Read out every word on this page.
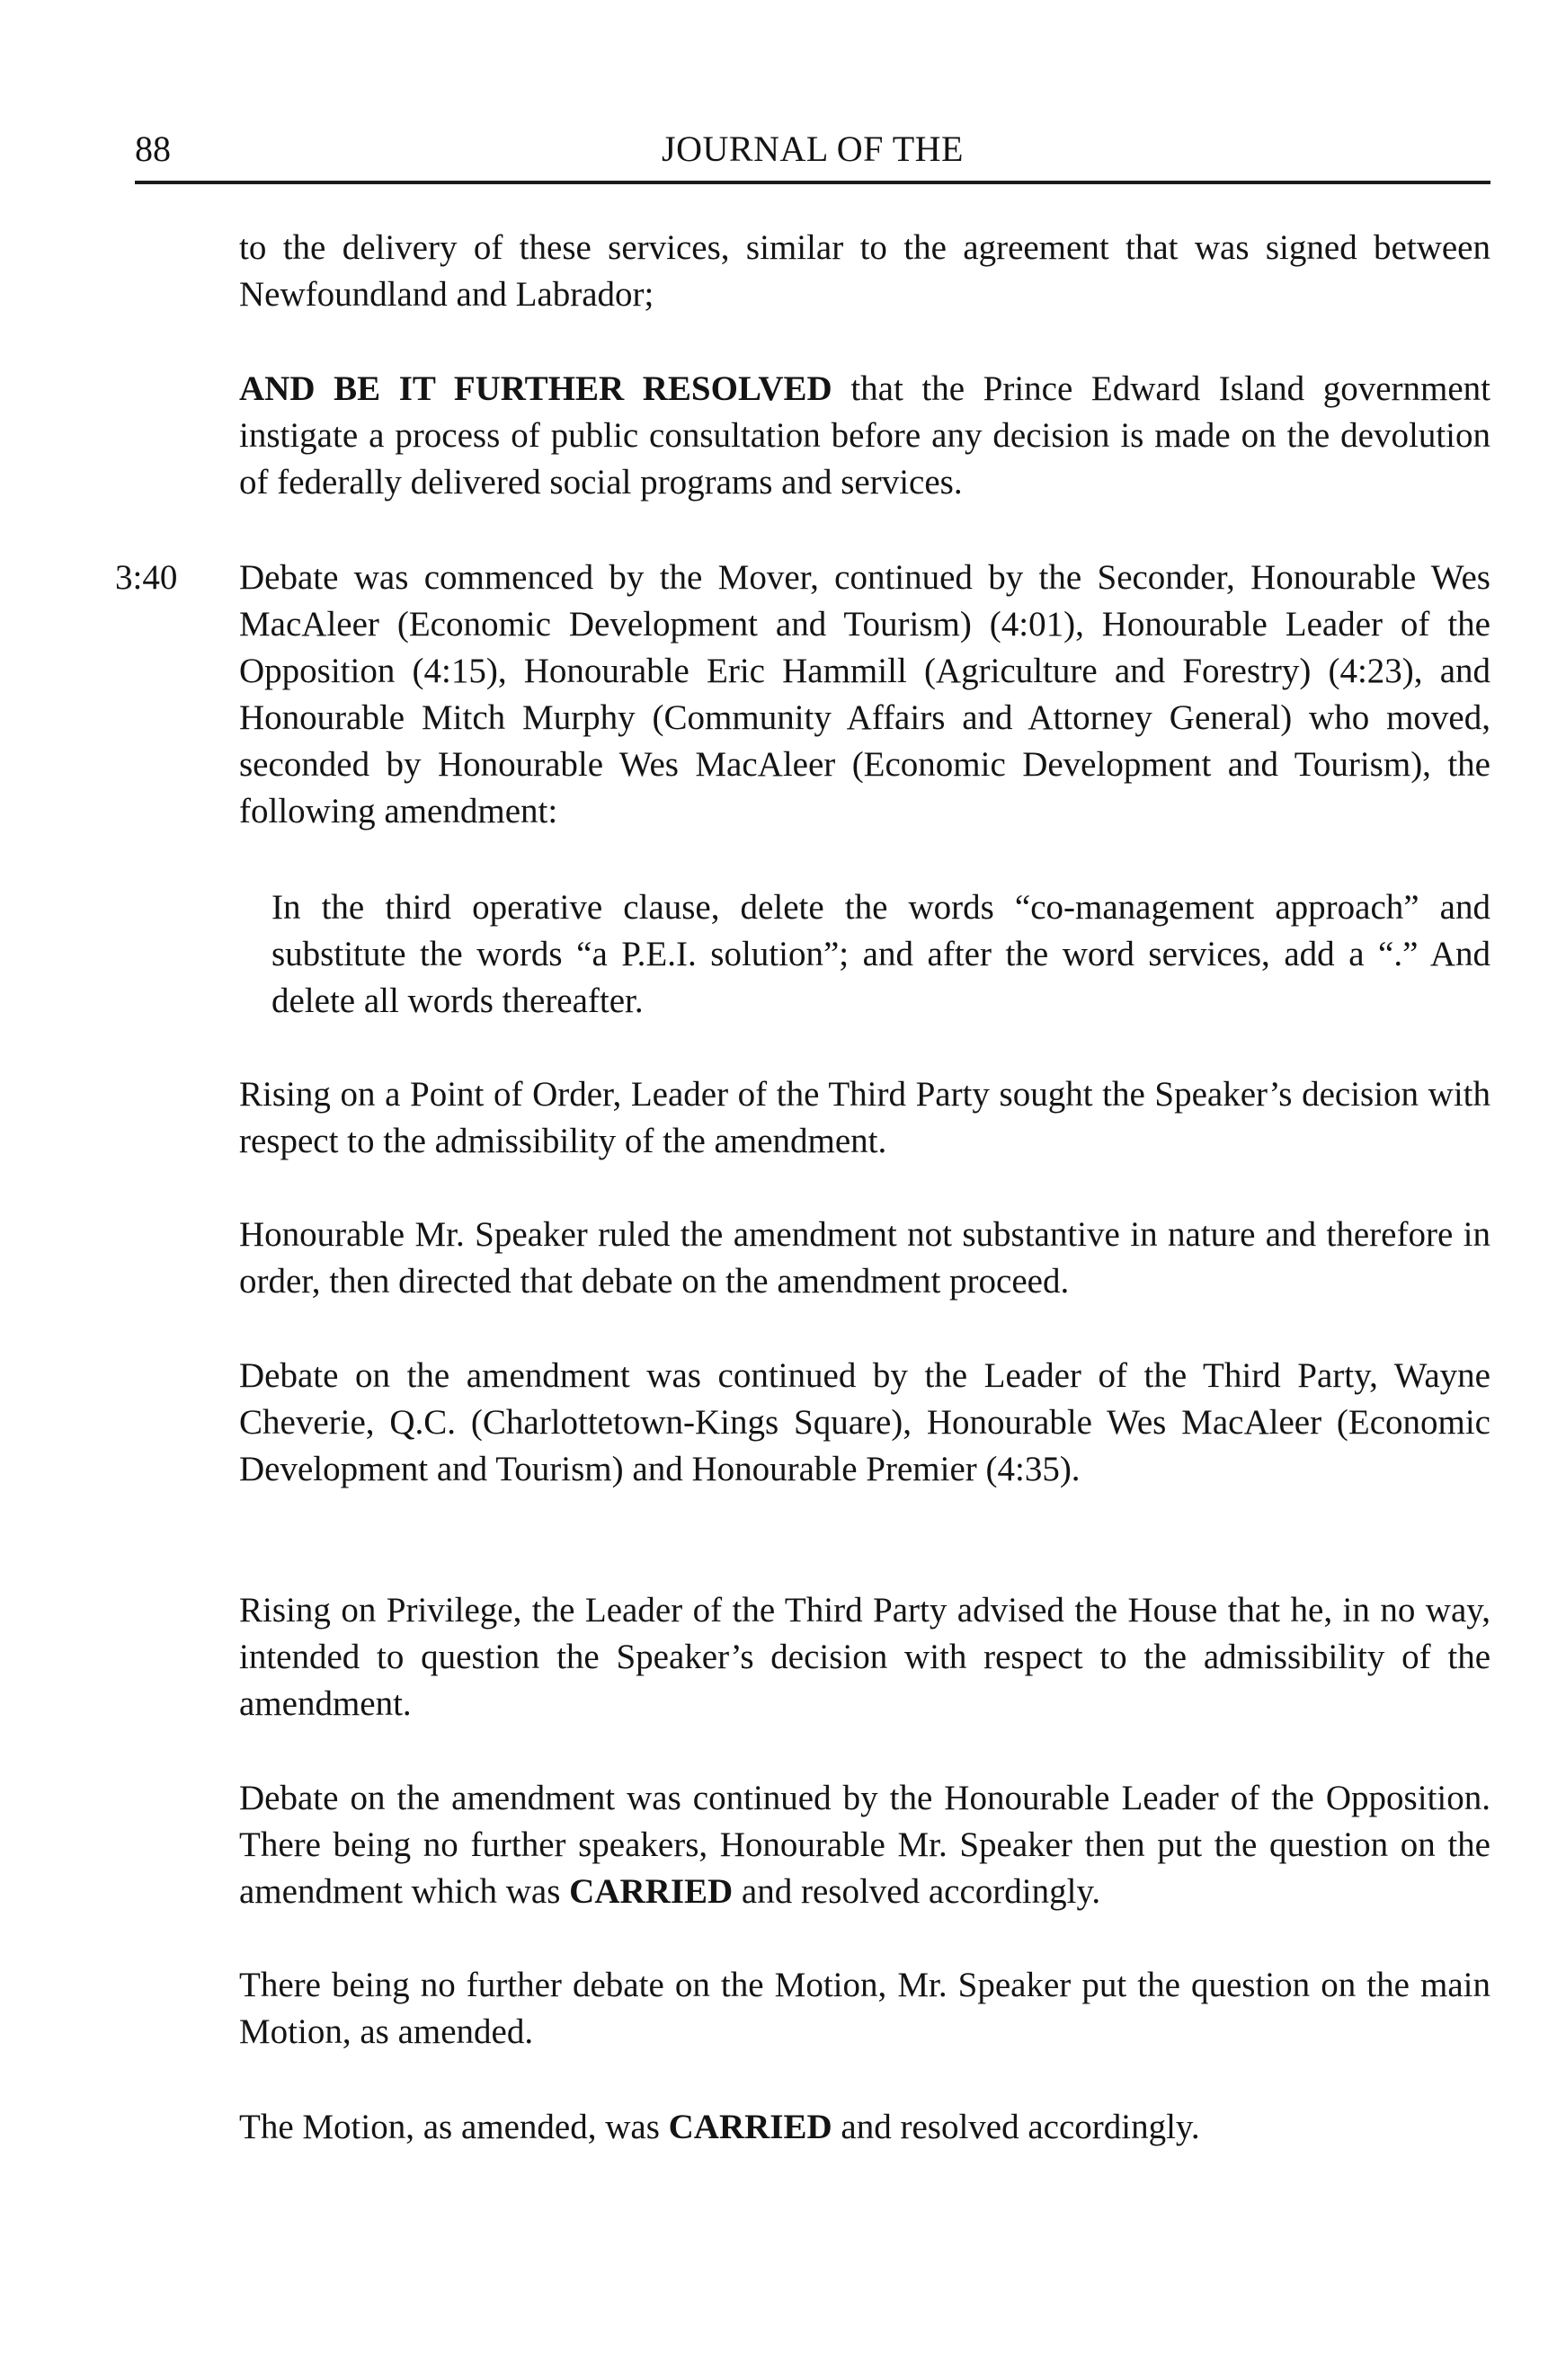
88	JOURNAL OF THE

to the delivery of these services, similar to the agreement that was signed between Newfoundland and Labrador;

AND BE IT FURTHER RESOLVED that the Prince Edward Island government instigate a process of public consultation before any decision is made on the devolution of federally delivered social programs and services.

3:40	Debate was commenced by the Mover, continued by the Seconder, Honourable Wes MacAleer (Economic Development and Tourism) (4:01), Honourable Leader of the Opposition (4:15), Honourable Eric Hammill (Agriculture and Forestry) (4:23), and Honourable Mitch Murphy (Community Affairs and Attorney General) who moved, seconded by Honourable Wes MacAleer (Economic Development and Tourism), the following amendment:

In the third operative clause, delete the words “co-management approach” and substitute the words “a P.E.I. solution”; and after the word services, add a “.” And delete all words thereafter.

Rising on a Point of Order, Leader of the Third Party sought the Speaker’s decision with respect to the admissibility of the amendment.

Honourable Mr. Speaker ruled the amendment not substantive in nature and therefore in order, then directed that debate on the amendment proceed.

Debate on the amendment was continued by the Leader of the Third Party, Wayne Cheverie, Q.C. (Charlottetown-Kings Square), Honourable Wes MacAleer (Economic Development and Tourism) and Honourable Premier (4:35).

Rising on Privilege, the Leader of the Third Party advised the House that he, in no way, intended to question the Speaker’s decision with respect to the admissibility of the amendment.

Debate on the amendment was continued by the Honourable Leader of the Opposition. There being no further speakers, Honourable Mr. Speaker then put the question on the amendment which was CARRIED and resolved accordingly.

There being no further debate on the Motion, Mr. Speaker put the question on the main Motion, as amended.

The Motion, as amended, was CARRIED and resolved accordingly.
